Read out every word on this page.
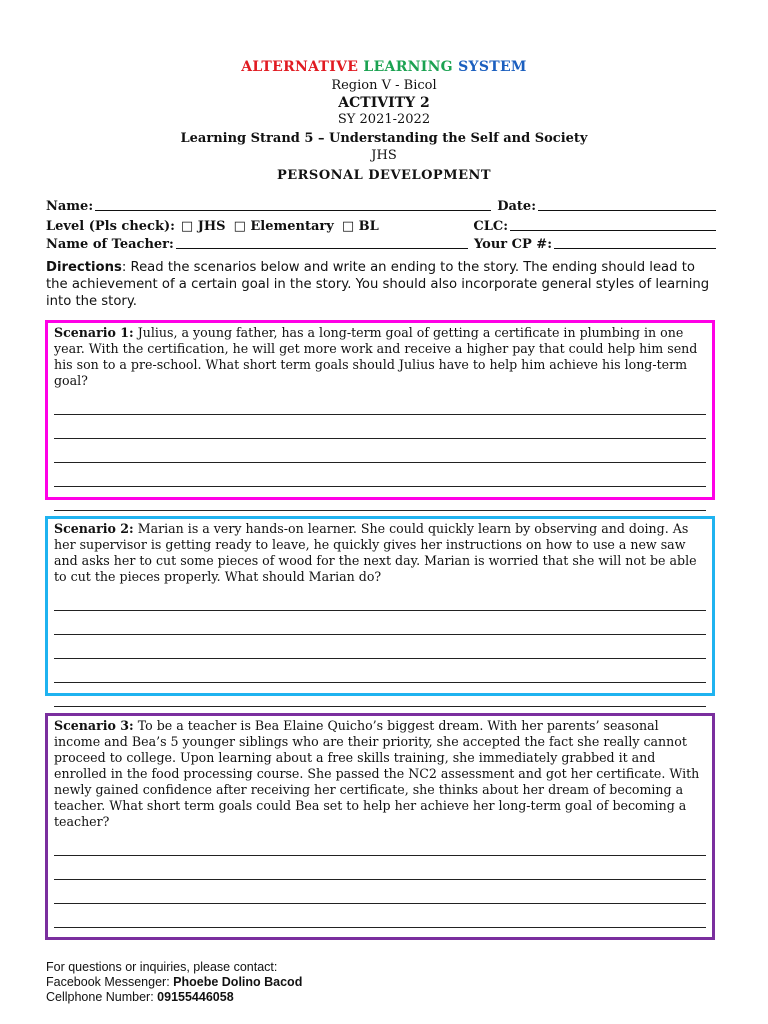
ALTERNATIVE LEARNING SYSTEM
Region V - Bicol
ACTIVITY 2
SY 2021-2022
Learning Strand 5 – Understanding the Self and Society
JHS
PERSONAL DEVELOPMENT
Name:	Date:
Level (Pls check): □ JHS □ Elementary □ BL	CLC:
Name of Teacher:	Your CP #:
Directions: Read the scenarios below and write an ending to the story. The ending should lead to the achievement of a certain goal in the story. You should also incorporate general styles of learning into the story.
Scenario 1: Julius, a young father, has a long-term goal of getting a certificate in plumbing in one year. With the certification, he will get more work and receive a higher pay that could help him send his son to a pre-school. What short term goals should Julius have to help him achieve his long-term goal?
Scenario 2: Marian is a very hands-on learner. She could quickly learn by observing and doing. As her supervisor is getting ready to leave, he quickly gives her instructions on how to use a new saw and asks her to cut some pieces of wood for the next day. Marian is worried that she will not be able to cut the pieces properly. What should Marian do?
Scenario 3: To be a teacher is Bea Elaine Quicho’s biggest dream. With her parents’ seasonal income and Bea’s 5 younger siblings who are their priority, she accepted the fact she really cannot proceed to college. Upon learning about a free skills training, she immediately grabbed it and enrolled in the food processing course. She passed the NC2 assessment and got her certificate. With newly gained confidence after receiving her certificate, she thinks about her dream of becoming a teacher. What short term goals could Bea set to help her achieve her long-term goal of becoming a teacher?
For questions or inquiries, please contact:
Facebook Messenger: Phoebe Dolino Bacod
Cellphone Number: 09155446058
